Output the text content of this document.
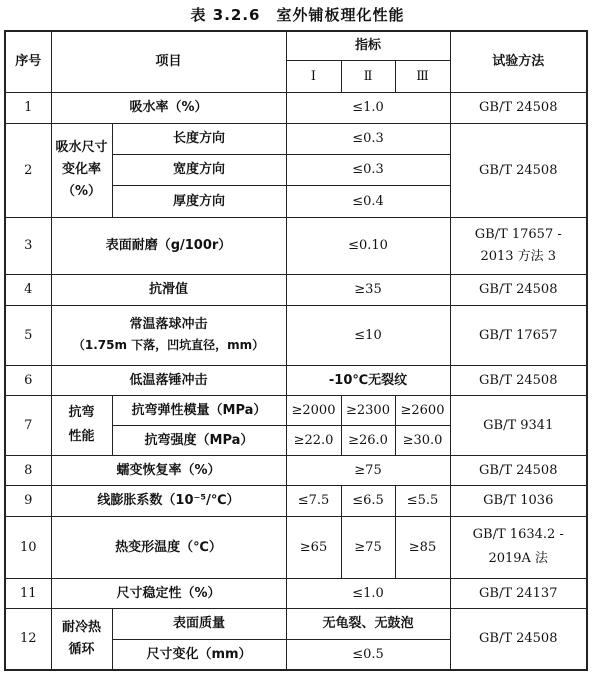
表 3.2.6　室外铺板理化性能
序号	项目		指标			试验方法
			Ⅰ	Ⅱ	Ⅲ	
1	吸水率（%）		≤1.0			GB/T 24508
2	吸水尺寸变化率（%）	长度方向	≤0.3			GB/T 24508
		宽度方向	≤0.3			
		厚度方向	≤0.4			
3	表面耐磨（g/100r）		≤0.10			GB/T 17657 -
2013 方法 3

4	抗滑值		≥35			GB/T 24508
5	常温落球冲击
（1.75m 下落，凹坑直径，mm）		≤10			GB/T 17657
6	低温落锤冲击		-10℃无裂纹			GB/T 24508
7	抗弯性能	抗弯弹性模量（MPa）	≥2000	≥2300	≥2600	GB/T 9341
		抗弯强度（MPa）	≥22.0	≥26.0	≥30.0	
8	蠕变恢复率（%）		≥75			GB/T 24508
9	线膨胀系数（10⁻⁵/℃）		≤7.5	≤6.5	≤5.5	GB/T 1036
10	热变形温度（℃）		≥65	≥75	≥85	GB/T 1634.2 -
2019A 法

11	尺寸稳定性（%）		≤1.0			GB/T 24137
12	耐冷热循环	表面质量	无龟裂、无鼓泡			GB/T 24508
		尺寸变化（mm）	≤0.5			
